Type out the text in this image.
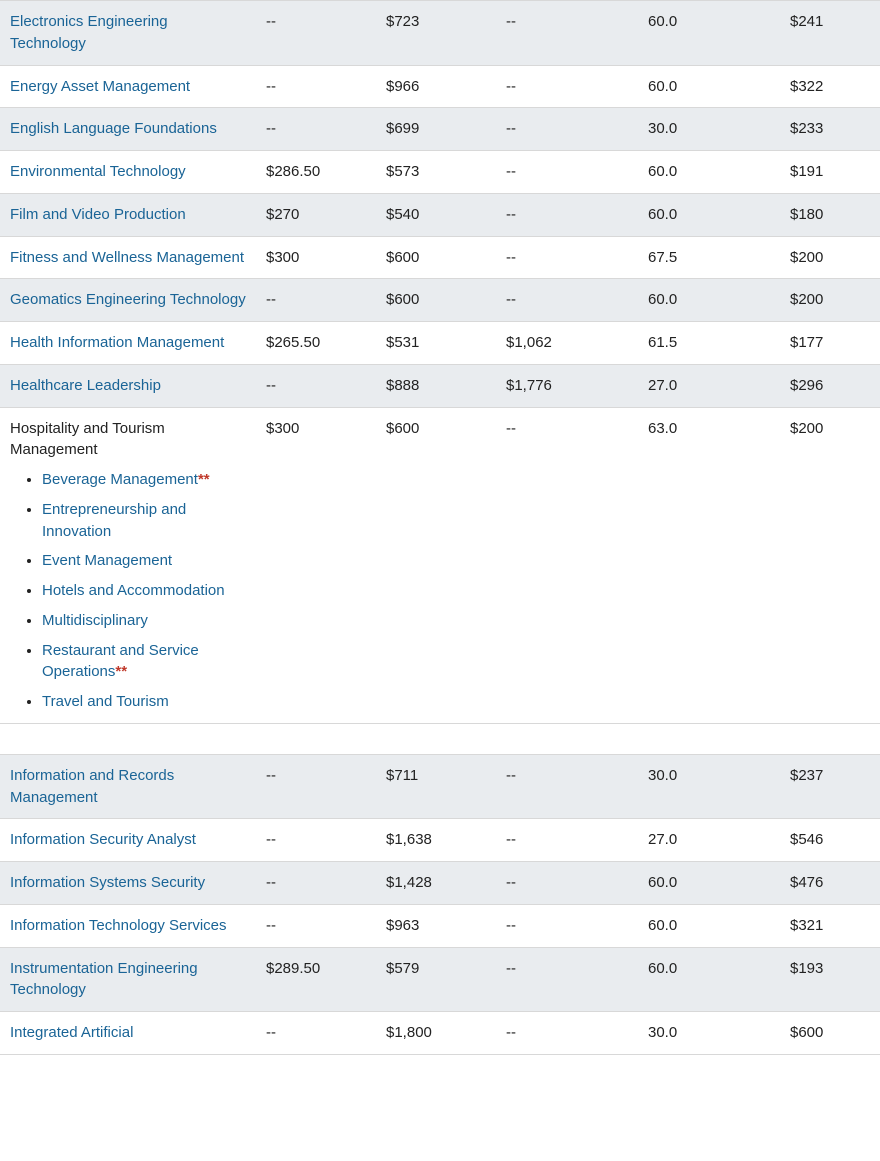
Electronics Engineering Technology	--	$723	--	60.0	$241
Energy Asset Management	--	$966	--	60.0	$322
English Language Foundations	--	$699	--	30.0	$233
Environmental Technology	$286.50	$573	--	60.0	$191
Film and Video Production	$270	$540	--	60.0	$180
Fitness and Wellness Management	$300	$600	--	67.5	$200
Geomatics Engineering Technology	--	$600	--	60.0	$200
Health Information Management	$265.50	$531	$1,062	61.5	$177
Healthcare Leadership	--	$888	$1,776	27.0	$296
Hospitality and Tourism Management
• Beverage Management**
• Entrepreneurship and Innovation
• Event Management
• Hotels and Accommodation
• Multidisciplinary
• Restaurant and Service Operations**
• Travel and Tourism
	$300	$600	--	63.0	$200

Information and Records Management	--	$711	--	30.0	$237
Information Security Analyst	--	$1,638	--	27.0	$546
Information Systems Security	--	$1,428	--	60.0	$476
Information Technology Services	--	$963	--	60.0	$321
Instrumentation Engineering Technology	$289.50	$579	--	60.0	$193
Integrated Artificial	--	$1,800	--	30.0	$600
